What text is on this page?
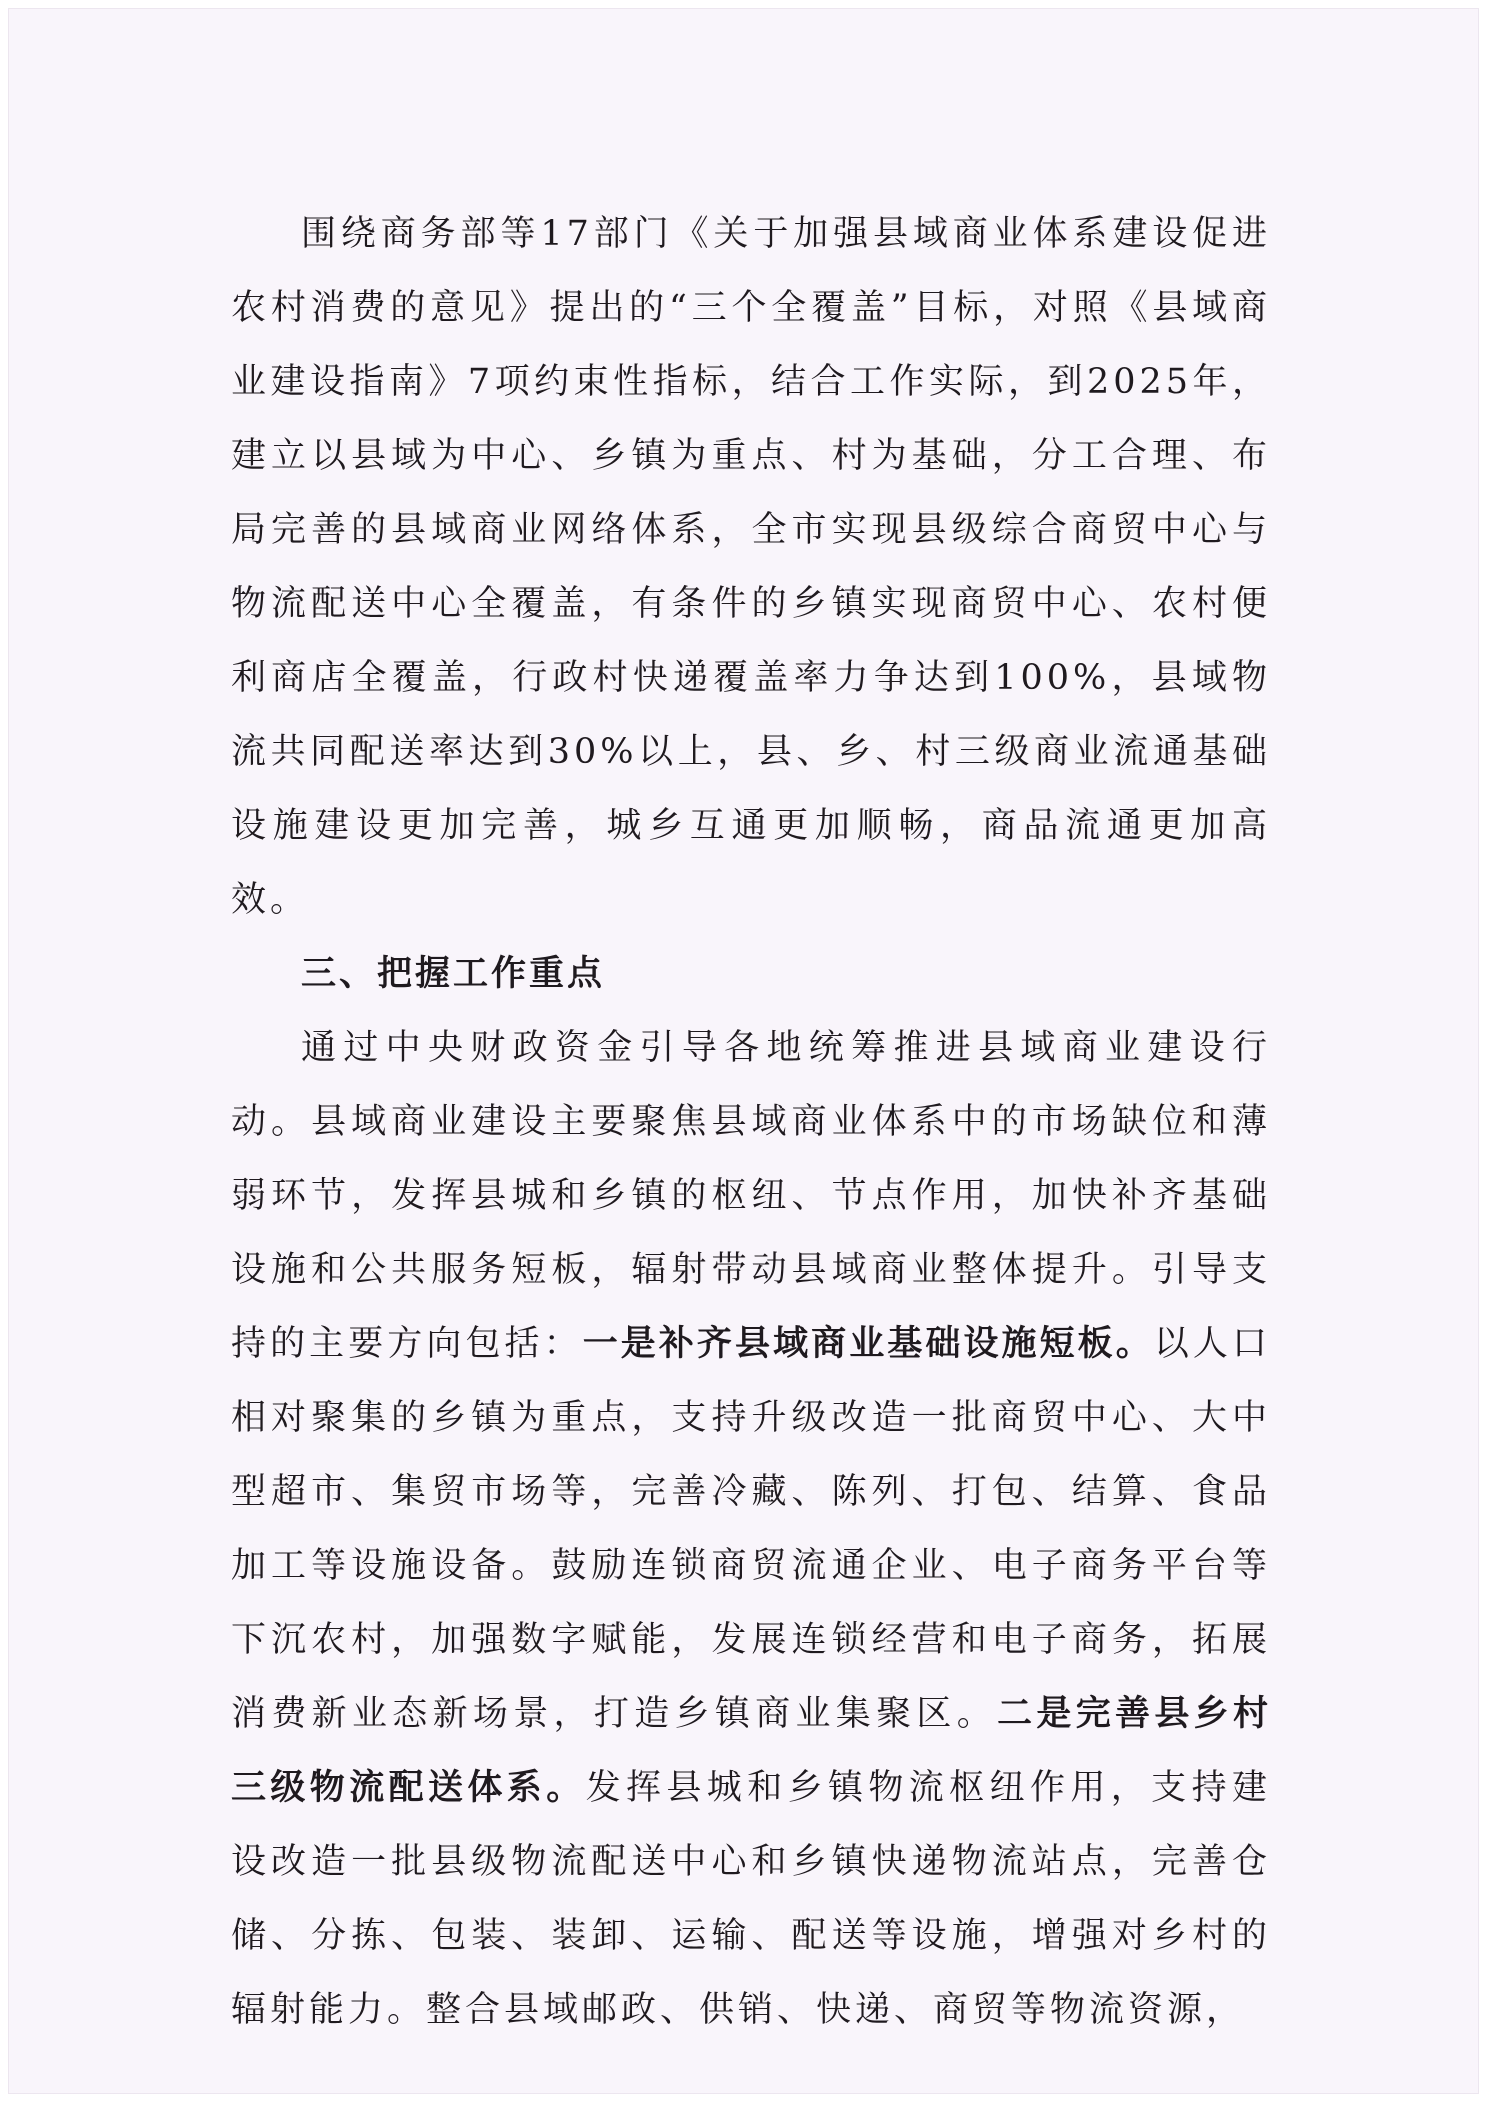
围绕商务部等17部门《关于加强县域商业体系建设促进农村消费的意见》提出的“三个全覆盖”目标，对照《县域商业建设指南》7项约束性指标，结合工作实际，到2025年，建立以县域为中心、乡镇为重点、村为基础，分工合理、布局完善的县域商业网络体系，全市实现县级综合商贸中心与物流配送中心全覆盖，有条件的乡镇实现商贸中心、农村便利商店全覆盖，行政村快递覆盖率力争达到100%，县域物流共同配送率达到30%以上，县、乡、村三级商业流通基础设施建设更加完善，城乡互通更加顺畅，商品流通更加高效。

三、把握工作重点

通过中央财政资金引导各地统筹推进县域商业建设行动。县域商业建设主要聚焦县域商业体系中的市场缺位和薄弱环节，发挥县城和乡镇的枢纽、节点作用，加快补齐基础设施和公共服务短板，辐射带动县域商业整体提升。引导支持的主要方向包括：一是补齐县域商业基础设施短板。以人口相对聚集的乡镇为重点，支持升级改造一批商贸中心、大中型超市、集贸市场等，完善冷藏、陈列、打包、结算、食品加工等设施设备。鼓励连锁商贸流通企业、电子商务平台等下沉农村，加强数字赋能，发展连锁经营和电子商务，拓展消费新业态新场景，打造乡镇商业集聚区。二是完善县乡村三级物流配送体系。发挥县城和乡镇物流枢纽作用，支持建设改造一批县级物流配送中心和乡镇快递物流站点，完善仓储、分拣、包装、装卸、运输、配送等设施，增强对乡村的辐射能力。整合县域邮政、供销、快递、商贸等物流资源，
